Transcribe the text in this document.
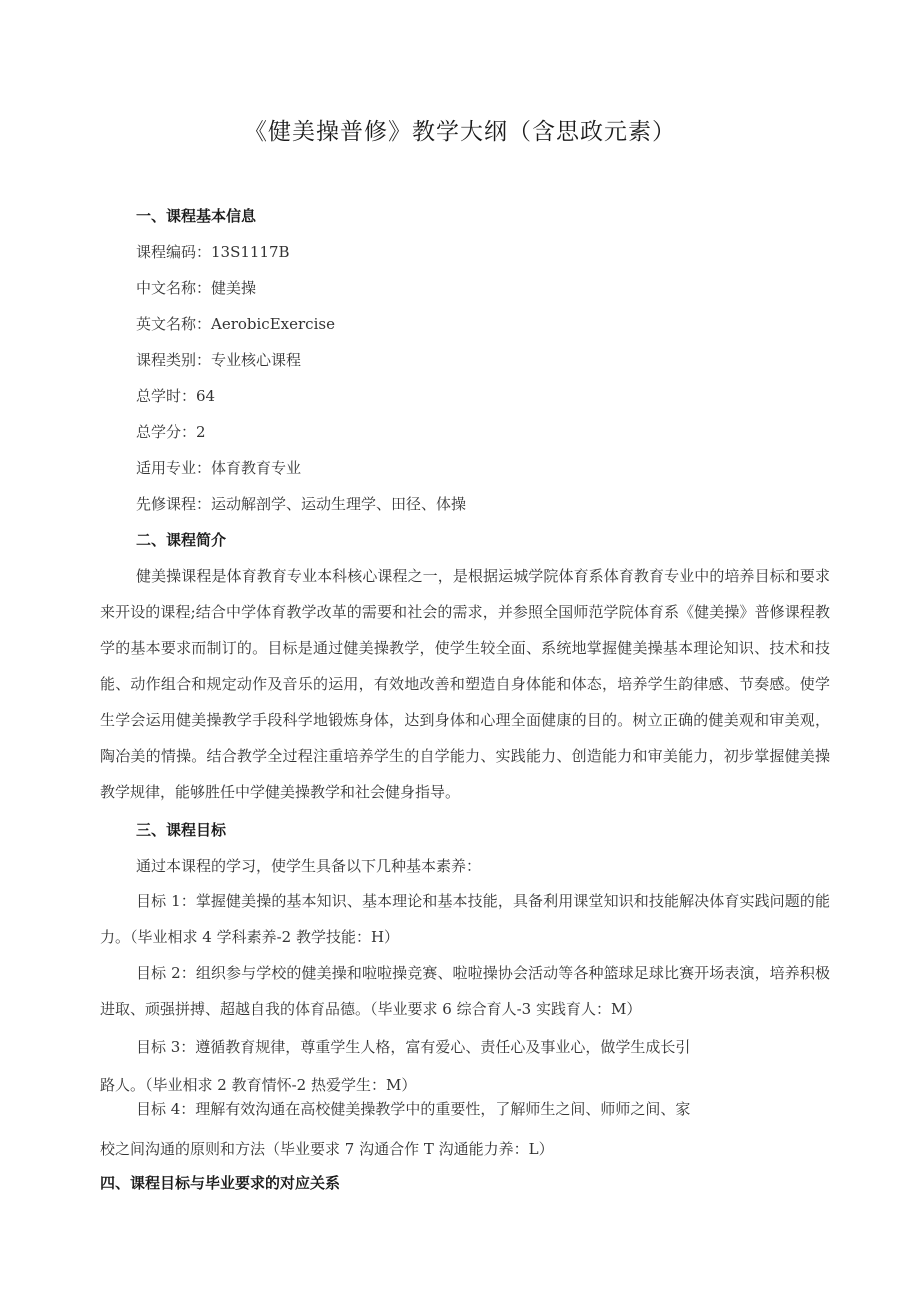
《健美操普修》教学大纲（含思政元素）
一、课程基本信息
课程编码：13S1117B
中文名称：健美操
英文名称：AerobicExercise
课程类别：专业核心课程
总学时：64
总学分：2
适用专业：体育教育专业
先修课程：运动解剖学、运动生理学、田径、体操
二、课程简介

健美操课程是体育教育专业本科核心课程之一，是根据运城学院体育系体育教育专业中的培养目标和要求来开设的课程;结合中学体育教学改革的需要和社会的需求，并参照全国师范学院体育系《健美操》普修课程教学的基本要求而制订的。目标是通过健美操教学，使学生较全面、系统地掌握健美操基本理论知识、技术和技能、动作组合和规定动作及音乐的运用，有效地改善和塑造自身体能和体态，培养学生韵律感、节奏感。使学生学会运用健美操教学手段科学地锻炼身体，达到身体和心理全面健康的目的。树立正确的健美观和审美观，陶冶美的情操。结合教学全过程注重培养学生的自学能力、实践能力、创造能力和审美能力，初步掌握健美操教学规律，能够胜任中学健美操教学和社会健身指导。

三、课程目标
通过本课程的学习，使学生具备以下几种基本素养：

目标 1：掌握健美操的基本知识、基本理论和基本技能，具备利用课堂知识和技能解决体育实践问题的能力。（毕业相求 4 学科素养-2 教学技能：H）

目标 2：组织参与学校的健美操和啦啦操竞赛、啦啦操协会活动等各种篮球足球比赛开场表演，培养积极进取、顽强拼搏、超越自我的体育品德。（毕业要求 6 综合育人-3 实践育人：M）

目标 3：遵循教育规律，尊重学生人格，富有爱心、责任心及事业心，做学生成长引
路人。（毕业相求 2 教育情怀-2 热爱学生：M）
目标 4：理解有效沟通在高校健美操教学中的重要性，了解师生之间、师师之间、家
校之间沟通的原则和方法（毕业要求 7 沟通合作 T 沟通能力养：L）
四、课程目标与毕业要求的对应关系
